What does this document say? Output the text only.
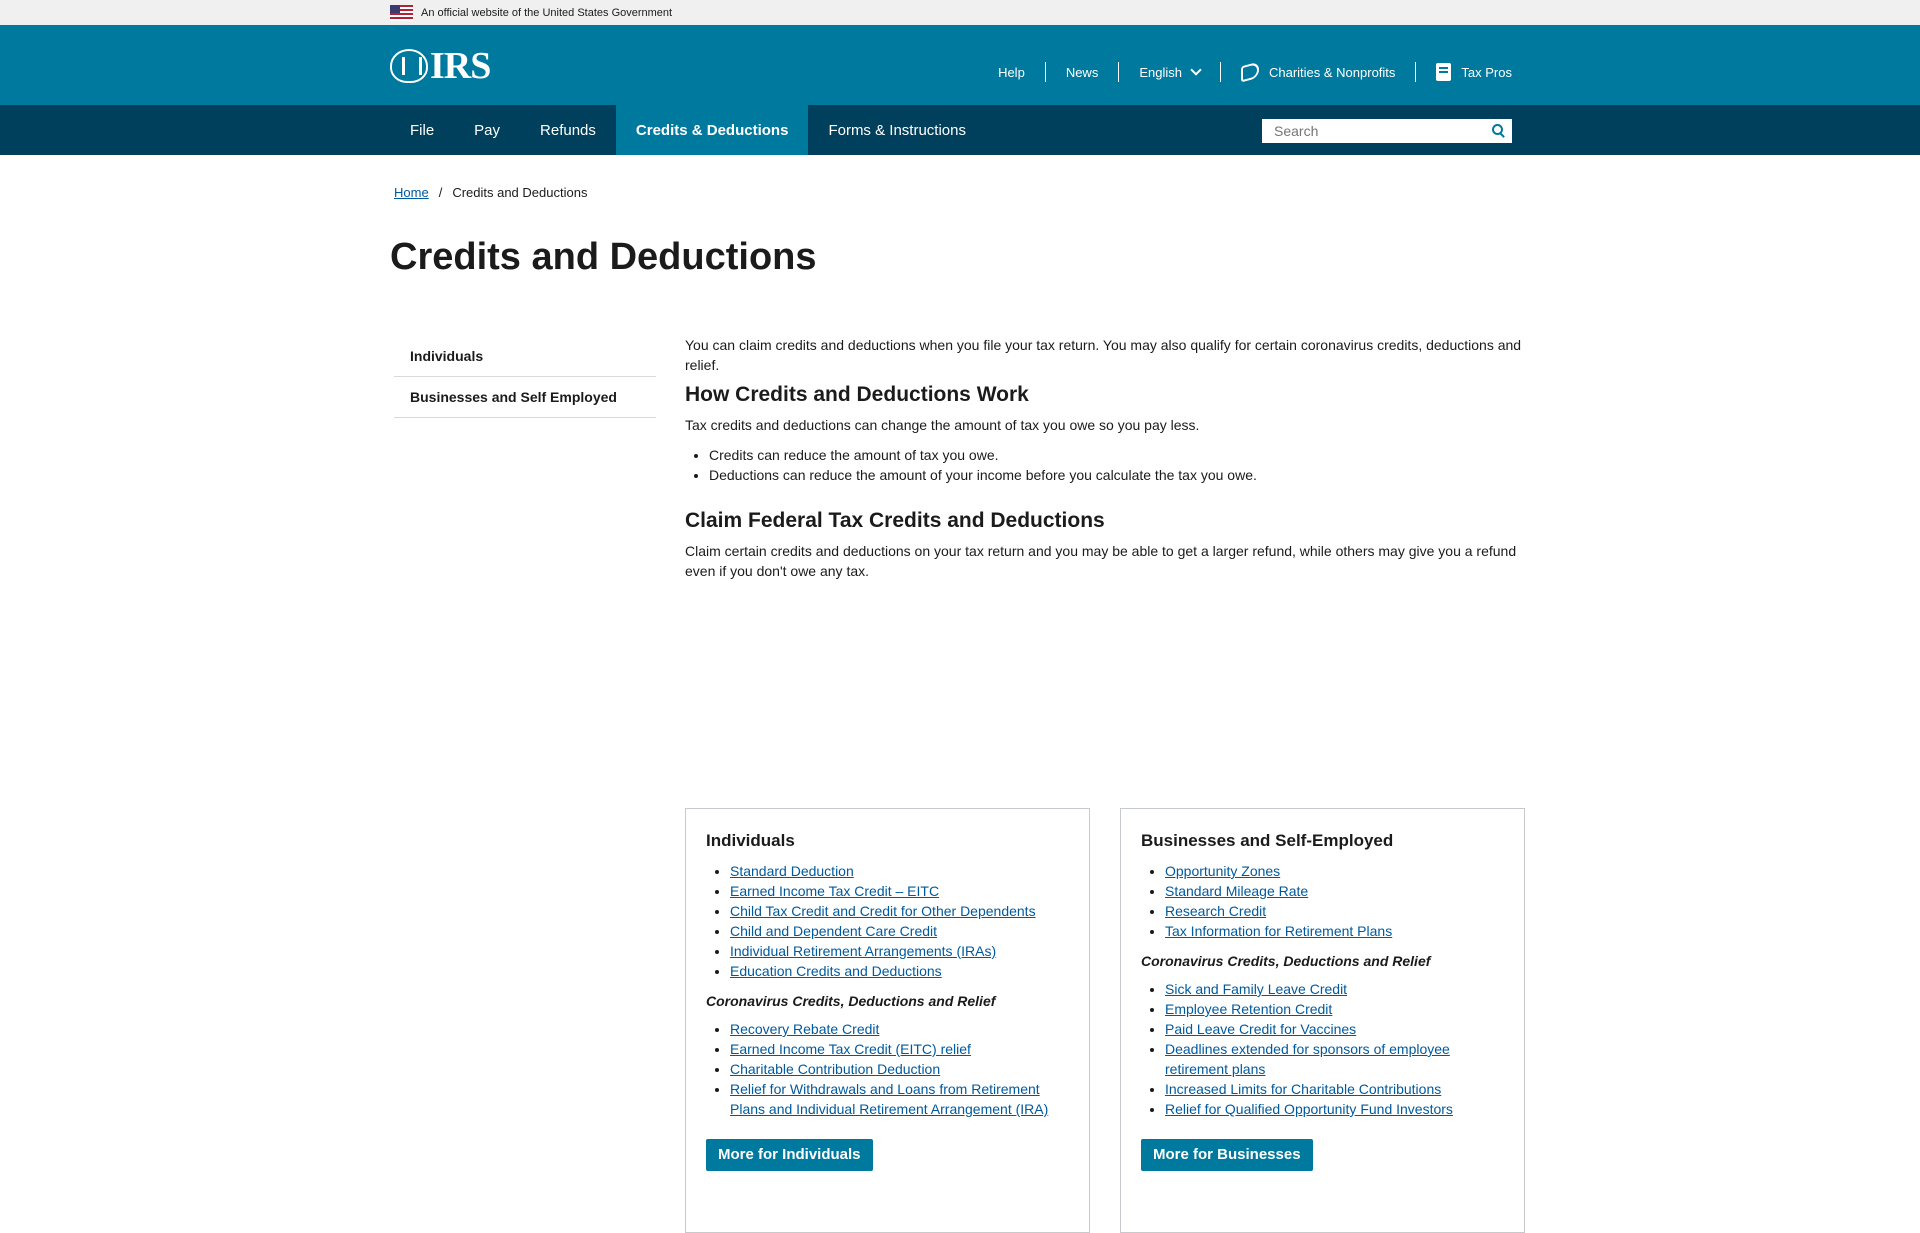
An official website of the United States Government
IRS	Help	News	English	Charities & Nonprofits	Tax Pros
File	Pay	Refunds	Credits & Deductions	Forms & Instructions
Search
Home / Credits and Deductions
Credits and Deductions
Individuals
Businesses and Self Employed

You can claim credits and deductions when you file your tax return. You may also qualify for certain coronavirus credits, deductions and relief.

How Credits and Deductions Work

Tax credits and deductions can change the amount of tax you owe so you pay less.

• Credits can reduce the amount of tax you owe.
• Deductions can reduce the amount of your income before you calculate the tax you owe.
Claim Federal Tax Credits and Deductions

Claim certain credits and deductions on your tax return and you may be able to get a larger refund, while others may give you a refund even if you don't owe any tax.

Individuals
• Standard Deduction
• Earned Income Tax Credit – EITC
• Child Tax Credit and Credit for Other Dependents
• Child and Dependent Care Credit
• Individual Retirement Arrangements (IRAs)
• Education Credits and Deductions
Coronavirus Credits, Deductions and Relief
• Recovery Rebate Credit
• Earned Income Tax Credit (EITC) relief
• Charitable Contribution Deduction
• Relief for Withdrawals and Loans from Retirement Plans and Individual Retirement Arrangement (IRA)
More for Individuals
Businesses and Self-Employed
• Opportunity Zones
• Standard Mileage Rate
• Research Credit
• Tax Information for Retirement Plans
Coronavirus Credits, Deductions and Relief
• Sick and Family Leave Credit
• Employee Retention Credit
• Paid Leave Credit for Vaccines
• Deadlines extended for sponsors of employee retirement plans
• Increased Limits for Charitable Contributions
• Relief for Qualified Opportunity Fund Investors
More for Businesses
